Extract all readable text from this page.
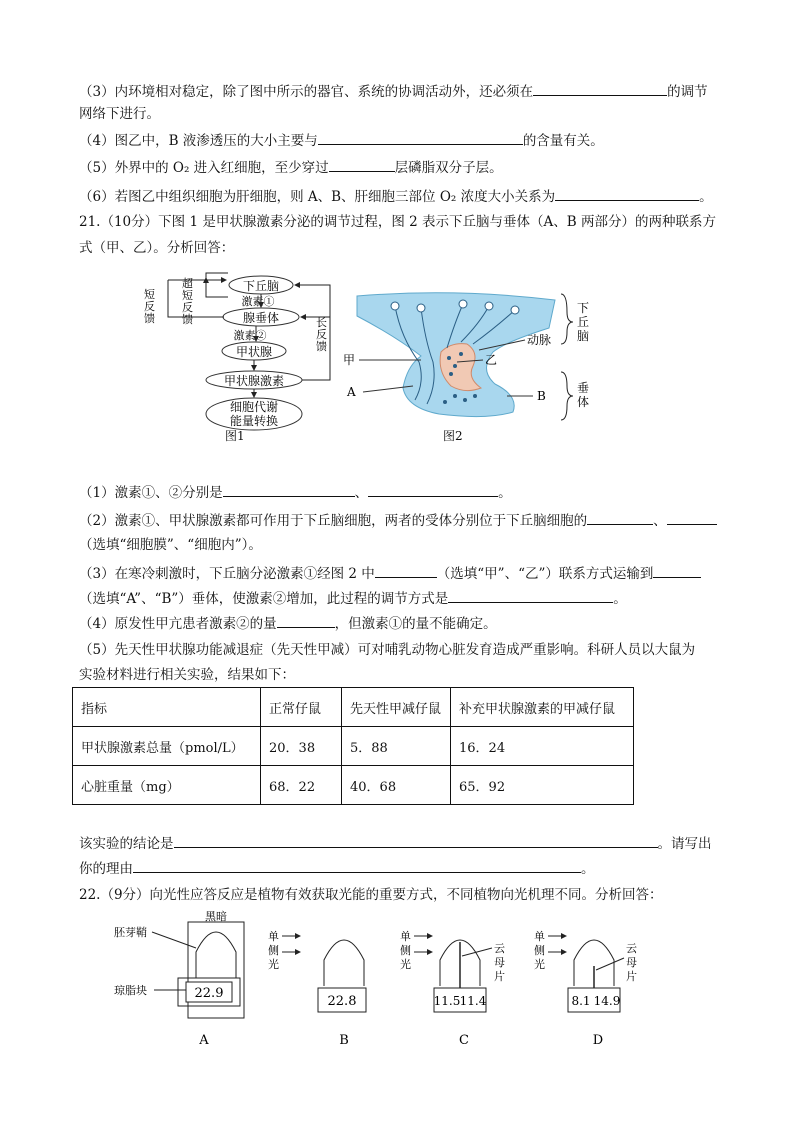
（3）内环境相对稳定，除了图中所示的器官、系统的协调活动外，还必须在	的调节
网络下进行。
（4）图乙中，B 液渗透压的大小主要与	的含量有关。
（5）外界中的 O₂ 进入红细胞，至少穿过	层磷脂双分子层。
（6）若图乙中组织细胞为肝细胞，则 A、B、肝细胞三部位 O₂ 浓度大小关系为	。
21.（10分）下图 1 是甲状腺激素分泌的调节过程，图 2 表示下丘脑与垂体（A、B 两部分）的两种联系方
式（甲、乙）。分析回答：
下丘脑
腺垂体
甲状腺
甲状腺激素
细胞代谢
能量转换
激素①
激素②
超
短
反
馈
短
反
馈	长
反
馈
图1
下
丘
脑
垂
体
动脉
乙
甲
A	B
图2
（1）激素①、②分别是	、	。
（2）激素①、甲状腺激素都可作用于下丘脑细胞，两者的受体分别位于下丘脑细胞的	、
（选填“细胞膜”、“细胞内”）。
（3）在寒冷刺激时，下丘脑分泌激素①经图 2 中	（选填“甲”、“乙”）联系方式运输到
（选填“A”、“B”）垂体，使激素②增加，此过程的调节方式是	。
（4）原发性甲亢患者激素②的量	，但激素①的量不能确定。
（5）先天性甲状腺功能减退症（先天性甲减）可对哺乳动物心脏发育造成严重影响。科研人员以大鼠为
实验材料进行相关实验，结果如下：
指标	正常仔鼠	先天性甲减仔鼠	补充甲状腺激素的甲减仔鼠
甲状腺激素总量（pmol/L）	20．38	5．88	16．24
心脏重量（mg）	68．22	40．68	65．92
该实验的结论是	。请写出
你的理由	。
22.（9分）向光性应答反应是植物有效获取光能的重要方式，不同植物向光机理不同。分析回答：
黑暗
22.9
胚芽鞘
琼脂块
A
单
侧
光
22.8
B
单
侧
光
11.5 11.4
云
母
片
C
单
侧
光
8.1 14.9
云
母
片
D
